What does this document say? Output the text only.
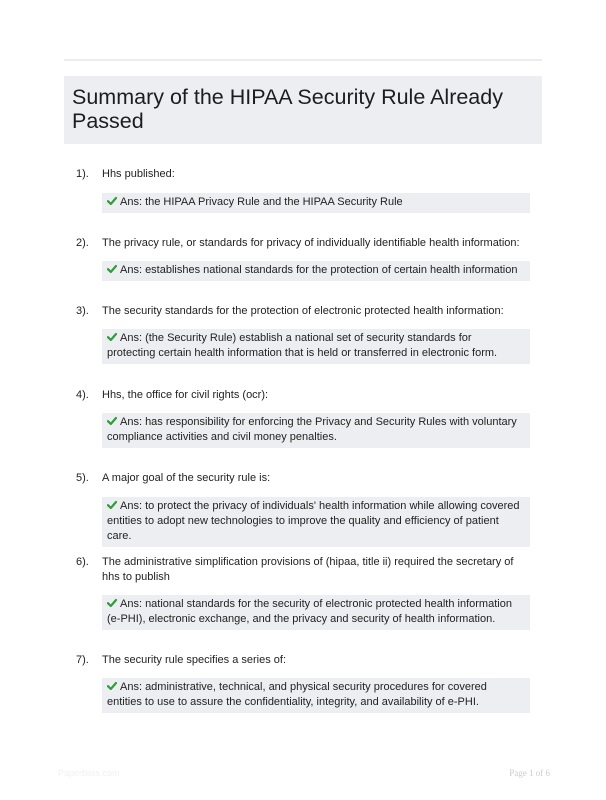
Summary of the HIPAA Security Rule Already Passed
1). Hhs published:
Ans: the HIPAA Privacy Rule and the HIPAA Security Rule
2). The privacy rule, or standards for privacy of individually identifiable health information:
Ans: establishes national standards for the protection of certain health information
3). The security standards for the protection of electronic protected health information:
Ans: (the Security Rule) establish a national set of security standards for protecting certain health information that is held or transferred in electronic form.
4). Hhs, the office for civil rights (ocr):
Ans: has responsibility for enforcing the Privacy and Security Rules with voluntary compliance activities and civil money penalties.
5). A major goal of the security rule is:
Ans: to protect the privacy of individuals' health information while allowing covered entities to adopt new technologies to improve the quality and efficiency of patient care.
6). The administrative simplification provisions of (hipaa, title ii) required the secretary of hhs to publish
Ans: national standards for the security of electronic protected health information (e-PHI), electronic exchange, and the privacy and security of health information.
7). The security rule specifies a series of:
Ans: administrative, technical, and physical security procedures for covered entities to use to assure the confidentiality, integrity, and availability of e-PHI.
Paperbliss.com	Page 1 of 6
